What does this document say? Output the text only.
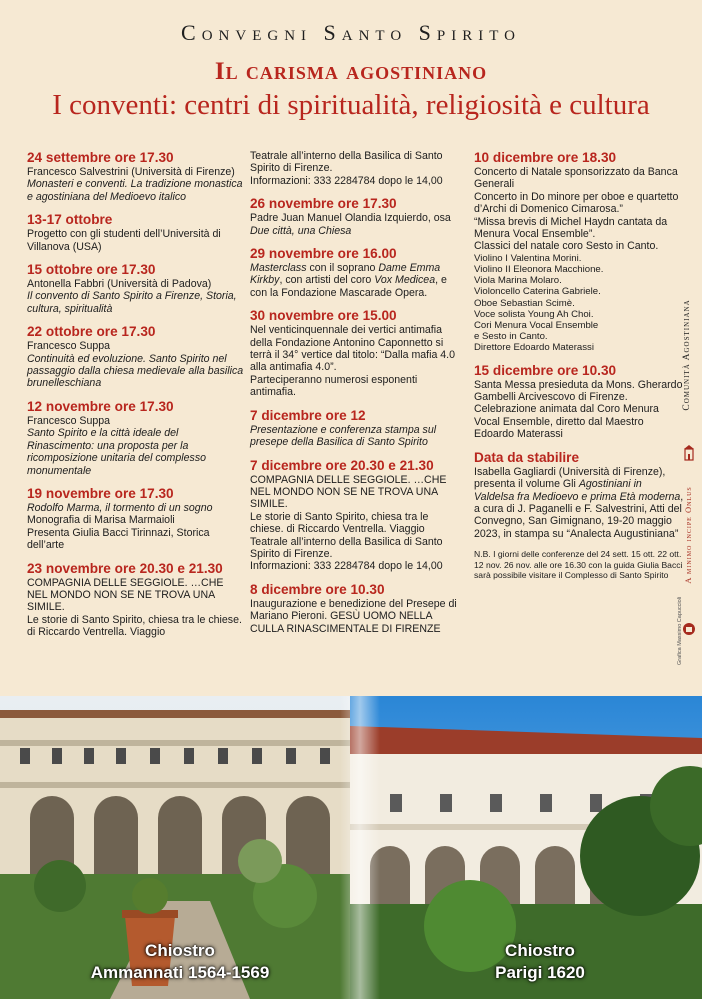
Convegni Santo Spirito
Il carisma agostiniano
I conventi: centri di spiritualità, religiosità e cultura
24 settembre ore 17.30
Francesco Salvestrini (Università di Firenze)
Monasteri e conventi. La tradizione monastica e agostiniana del Medioevo italico
13-17 ottobre
Progetto con gli studenti dell’Università di Villanova (USA)
15 ottobre ore 17.30
Antonella Fabbri (Università di Padova)
Il convento di Santo Spirito a Firenze, Storia, cultura, spiritualità
22 ottobre ore 17.30
Francesco Suppa
Continuità ed evoluzione. Santo Spirito nel passaggio dalla chiesa medievale alla basilica brunelleschiana
12 novembre ore 17.30
Francesco Suppa
Santo Spirito e la città ideale del Rinascimento: una proposta per la ricomposizione unitaria del complesso monumentale
19 novembre ore 17.30
Rodolfo Marma, il tormento di un sogno
Monografia di Marisa Marmaioli
Presenta Giulia Bacci Tirinnazi, Storica dell’arte
23 novembre ore 20.30 e 21.30
COMPAGNIA DELLE SEGGIOLE. …CHE NEL MONDO NON SE NE TROVA UNA SIMILE.
Le storie di Santo Spirito, chiesa tra le chiese. di Riccardo Ventrella. Viaggio
Teatrale all’interno della Basilica di Santo Spirito di Firenze.
Informazioni: 333 2284784 dopo le 14,00
26 novembre ore 17.30
Padre Juan Manuel Olandia Izquierdo, osa
Due città, una Chiesa
29 novembre ore 16.00
Masterclass con il soprano Dame Emma Kirkby, con artisti del coro Vox Medicea, e con la Fondazione Mascarade Opera.
30 novembre ore 15.00
Nel venticinquennale dei vertici antimafia della Fondazione Antonino Caponnetto si terrà il 34° vertice dal titolo: “Dalla mafia 4.0 alla antimafia 4.0”.
Parteciperanno numerosi esponenti antimafia.
7 dicembre ore 12
Presentazione e conferenza stampa sul presepe della Basilica di Santo Spirito
7 dicembre ore 20.30 e 21.30
COMPAGNIA DELLE SEGGIOLE. …CHE NEL MONDO NON SE NE TROVA UNA SIMILE.
Le storie di Santo Spirito, chiesa tra le chiese. di Riccardo Ventrella. Viaggio Teatrale all’interno della Basilica di Santo Spirito di Firenze.
Informazioni: 333 2284784 dopo le 14,00
8 dicembre ore 10.30
Inaugurazione e benedizione del Presepe di Mariano Pieroni. GESÙ UOMO NELLA CULLA RINASCIMENTALE DI FIRENZE
10 dicembre ore 18.30
Concerto di Natale sponsorizzato da Banca Generali
Concerto in Do minore per oboe e quartetto d’Archi di Domenico Cimarosa.”
“Missa brevis di Michel Haydn cantata da Menura Vocal Ensemble”.
Classici del natale coro Sesto in Canto.
Violino I Valentina Morini.
Violino II Eleonora Macchione.
Viola Marina Molaro.
Violoncello Caterina Gabriele.
Oboe Sebastian Scimè.
Voce solista Young Ah Choi.
Cori Menura Vocal Ensemble
e Sesto in Canto.
Direttore Edoardo Materassi
15 dicembre ore 10.30
Santa Messa presieduta da Mons. Gherardo Gambelli Arcivescovo di Firenze. Celebrazione animata dal Coro Menura Vocal Ensemble, diretto dal Maestro Edoardo Materassi
Data da stabilire
Isabella Gagliardi (Università di Firenze), presenta il volume Gli Agostiniani in Valdelsa fra Medioevo e prima Età moderna, a cura di J. Paganelli e F. Salvestrini, Atti del Convegno, San Gimignano, 19-20 maggio 2023, in stampa su “Analecta Augustiniana”
N.B. I giorni delle conferenze del 24 sett. 15 ott. 22 ott. 12 nov. 26 nov. alle ore 16.30 con la guida Giulia Bacci sarà possibile visitare il Complesso di Santo Spirito
Comunità Agostiniana
A minimo incipe Onlus
Grafica Massimo Capuccioli
Chiostro
Ammannati 1564-1569
Chiostro
Parigi 1620
